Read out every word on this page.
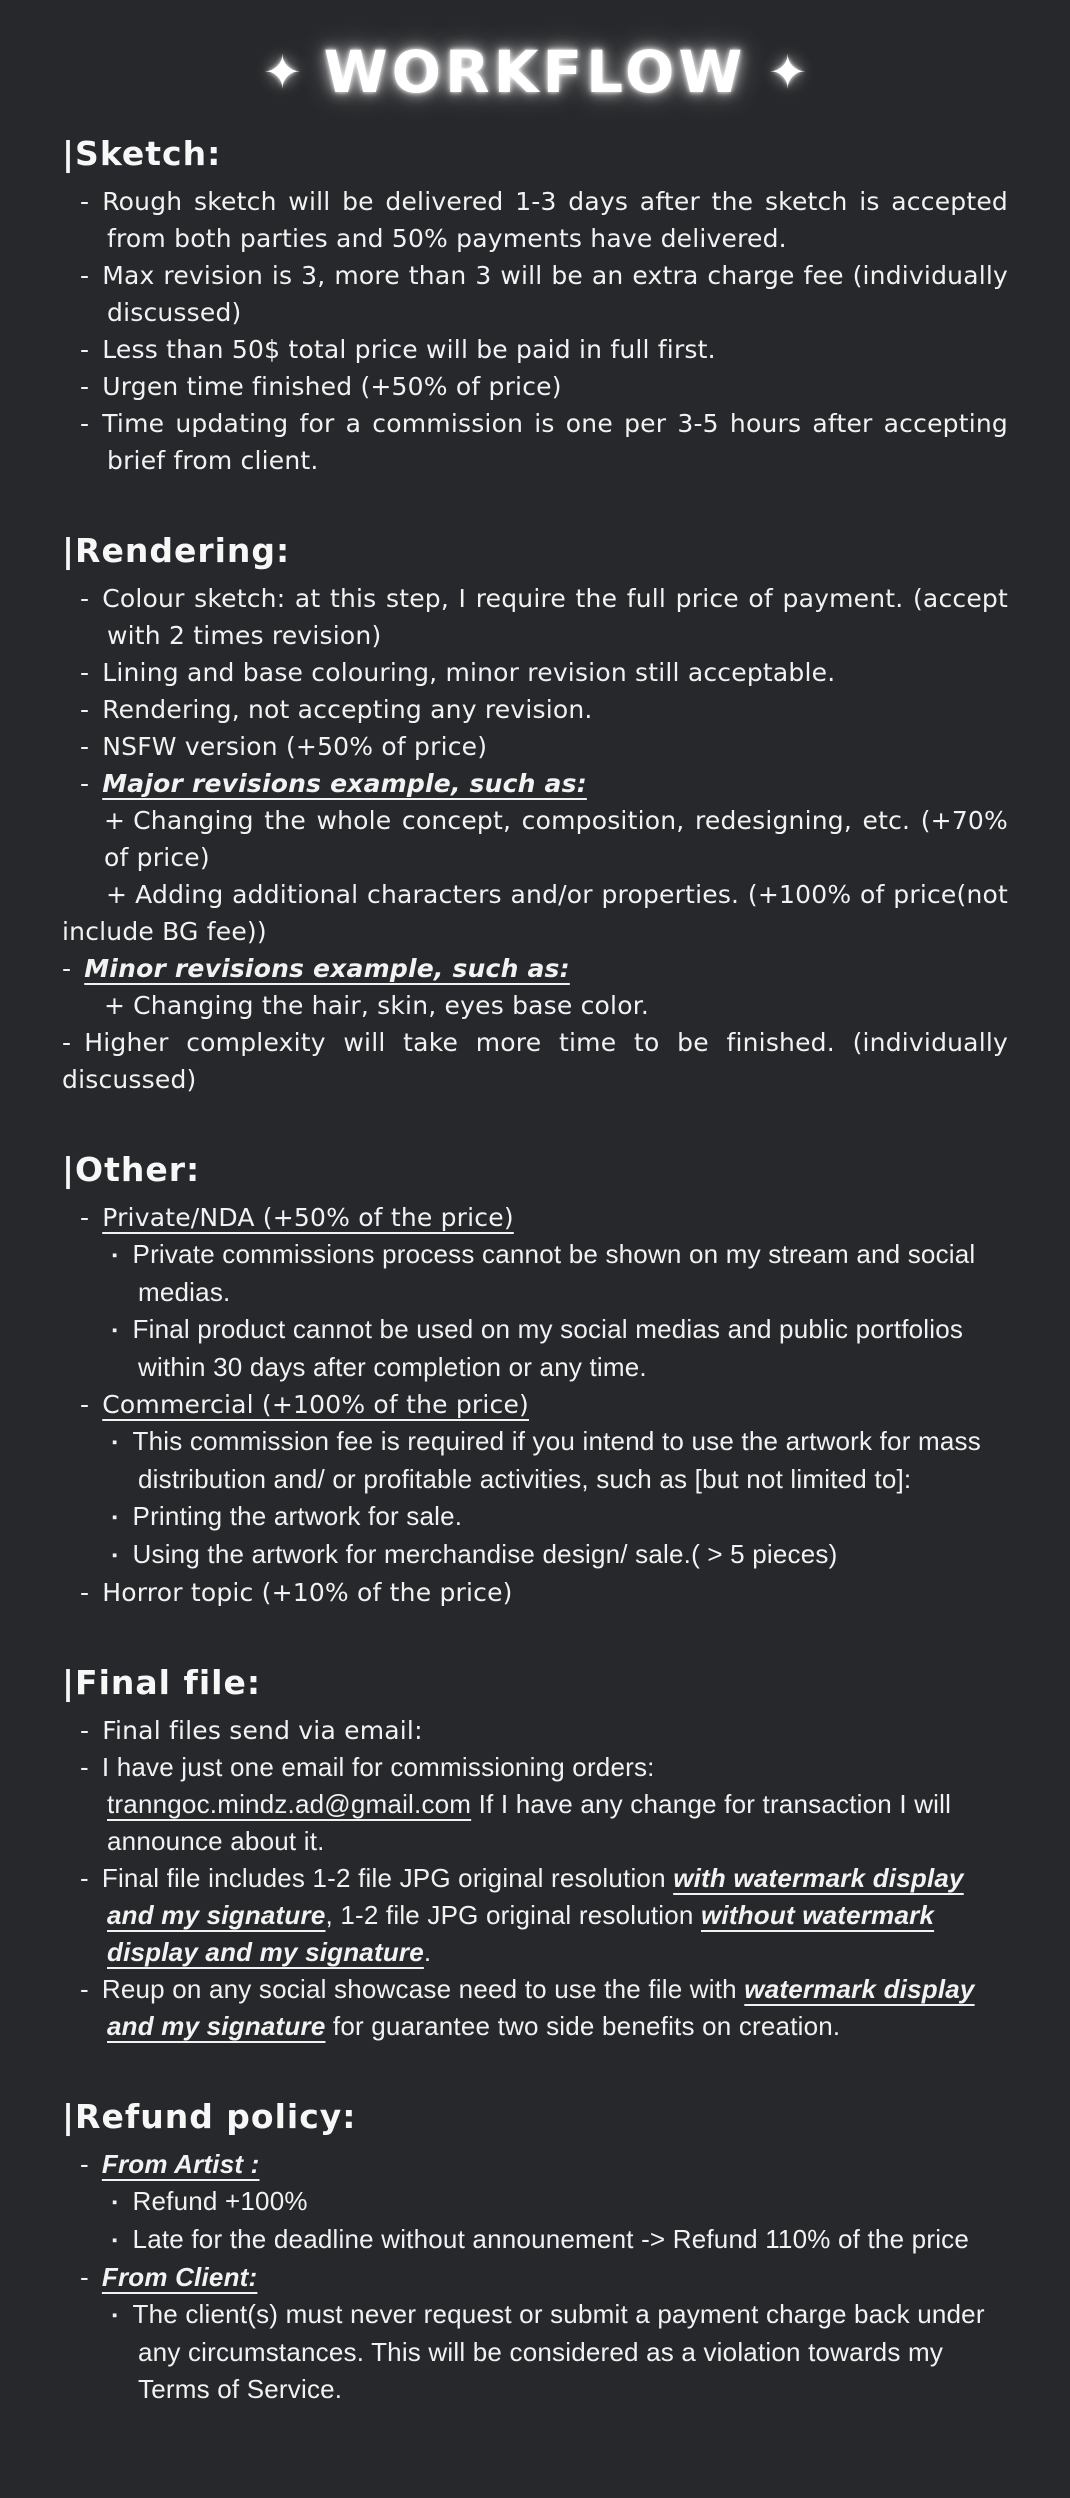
✦ WORKFLOW ✦
|Sketch:

- Rough sketch will be delivered 1-3 days after the sketch is accepted from both parties and 50% payments have delivered.

- Max revision is 3, more than 3 will be an extra charge fee (individually discussed)

- Less than 50$ total price will be paid in full first.

- Urgen time finished (+50% of price)

- Time updating for a commission is one per 3-5 hours after accepting brief from client.

|Rendering:

- Colour sketch: at this step, I require the full price of payment. (accept with 2 times revision)

- Lining and base colouring, minor revision still acceptable.

- Rendering, not accepting any revision.

- NSFW version (+50% of price)

- Major revisions example, such as:

+ Changing the whole concept, composition, redesigning, etc. (+70% of price)

+ Adding additional characters and/or properties. (+100% of price(not include BG fee))

- Minor revisions example, such as:

+ Changing the hair, skin, eyes base color.

- Higher complexity will take more time to be finished. (individually discussed)

|Other:

- Private/NDA (+50% of the price)

▪ Private commissions process cannot be shown on my stream and social medias.

▪ Final product cannot be used on my social medias and public portfolios within 30 days after completion or any time.

- Commercial (+100% of the price)

▪ This commission fee is required if you intend to use the artwork for mass distribution and/ or profitable activities, such as [but not limited to]:

▪ Printing the artwork for sale.

▪ Using the artwork for merchandise design/ sale.( > 5 pieces)

- Horror topic (+10% of the price)

|Final file:

- Final files send via email:

- I have just one email for commissioning orders: tranngoc.mindz.ad@gmail.com If I have any change for transaction I will announce about it.

- Final file includes 1-2 file JPG original resolution with watermark display and my signature, 1-2 file JPG original resolution without watermark display and my signature.

- Reup on any social showcase need to use the file with watermark display and my signature for guarantee two side benefits on creation.

|Refund policy:

- From Artist :

▪ Refund +100%

▪ Late for the deadline without announement -> Refund 110% of the price

- From Client:

▪ The client(s) must never request or submit a payment charge back under any circumstances. This will be considered as a violation towards my Terms of Service.
